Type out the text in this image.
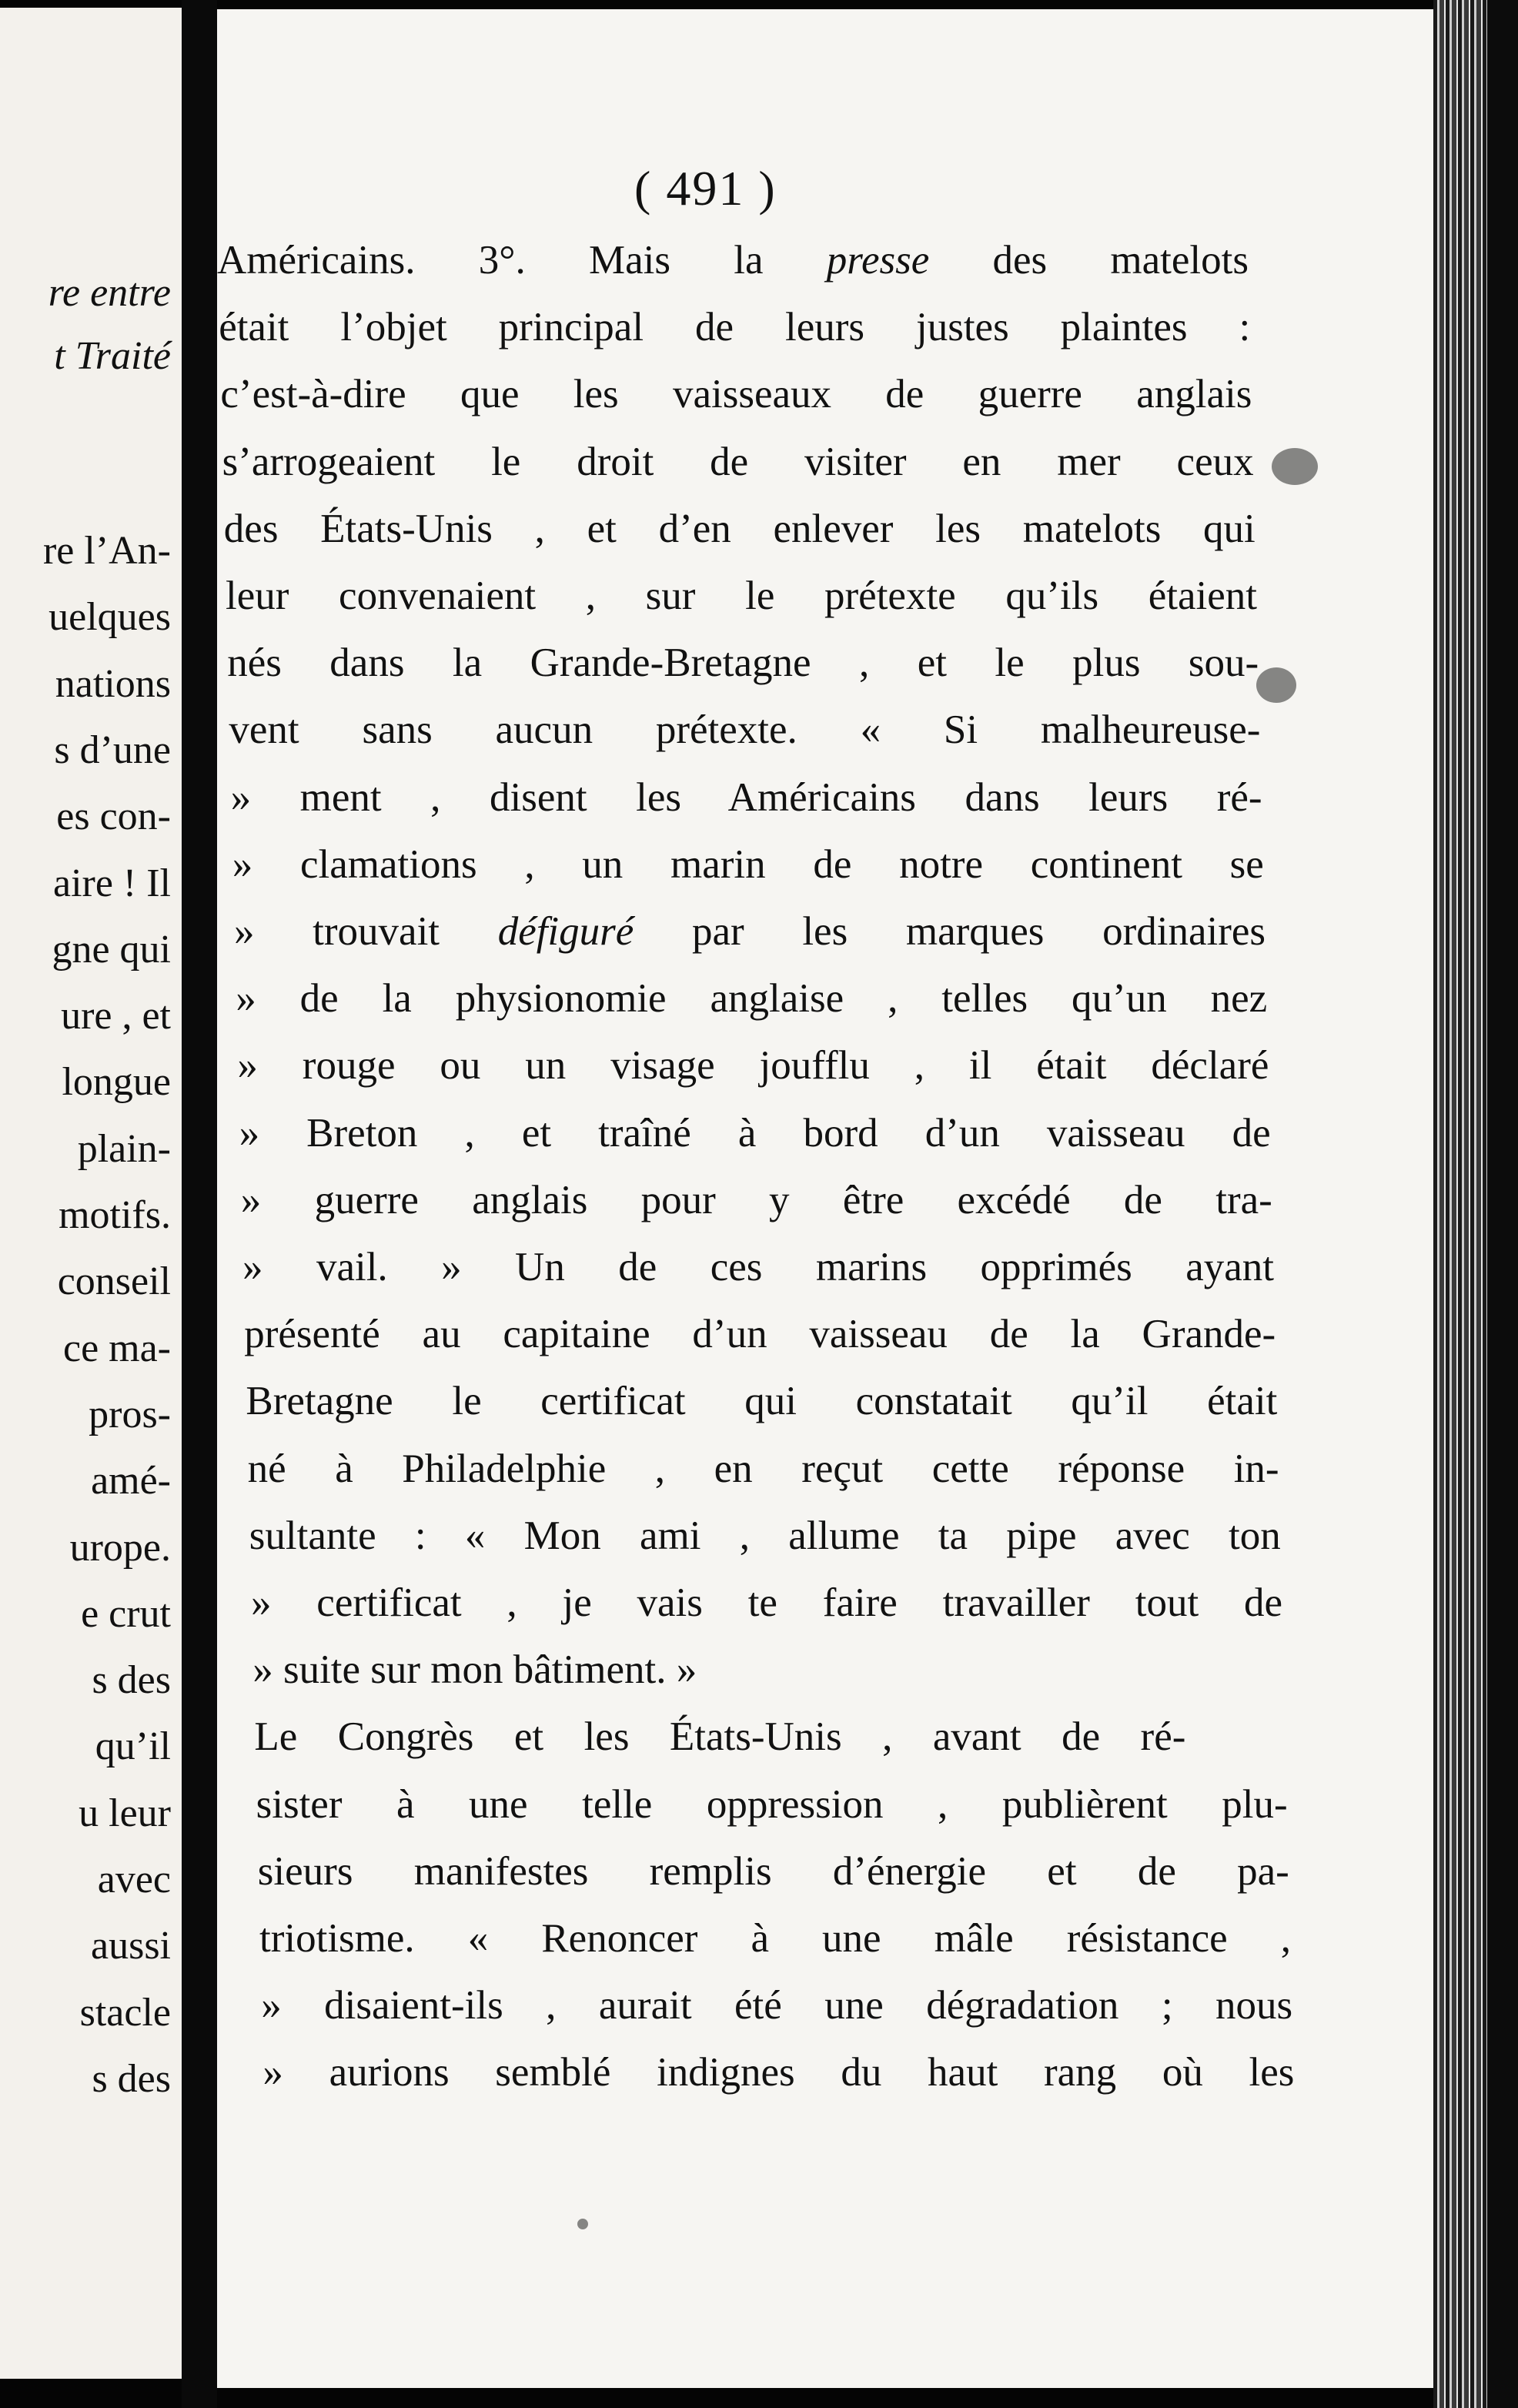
re entre
t Traité
re l’An-
uelques
nations
s d’une
es con-
aire ! Il
gne qui
ure , et
longue
plain-
motifs.
conseil
ce ma-
pros-
amé-
urope.
e crut
s des
qu’il
u leur
avec
aussi
stacle
s des
( 491 )
Américains. 3°. Mais la presse des matelots
était l’objet principal de leurs justes plaintes :
c’est-à-dire que les vaisseaux de guerre anglais
s’arrogeaient le droit de visiter en mer ceux
des États-Unis , et d’en enlever les matelots qui
leur convenaient , sur le prétexte qu’ils étaient
nés dans la Grande-Bretagne , et le plus sou-
vent sans aucun prétexte. « Si malheureuse-
» ment , disent les Américains dans leurs ré-
» clamations , un marin de notre continent se
» trouvait défiguré par les marques ordinaires
» de la physionomie anglaise , telles qu’un nez
» rouge ou un visage joufflu , il était déclaré
» Breton , et traîné à bord d’un vaisseau de
» guerre anglais pour y être excédé de tra-
» vail. » Un de ces marins opprimés ayant
présenté au capitaine d’un vaisseau de la Grande-
Bretagne le certificat qui constatait qu’il était
né à Philadelphie , en reçut cette réponse in-
sultante : « Mon ami , allume ta pipe avec ton
» certificat , je vais te faire travailler tout de
» suite sur mon bâtiment. »
Le Congrès et les États-Unis , avant de ré-
sister à une telle oppression , publièrent plu-
sieurs manifestes remplis d’énergie et de pa-
triotisme. « Renoncer à une mâle résistance ,
» disaient-ils , aurait été une dégradation ; nous
» aurions semblé indignes du haut rang où les
